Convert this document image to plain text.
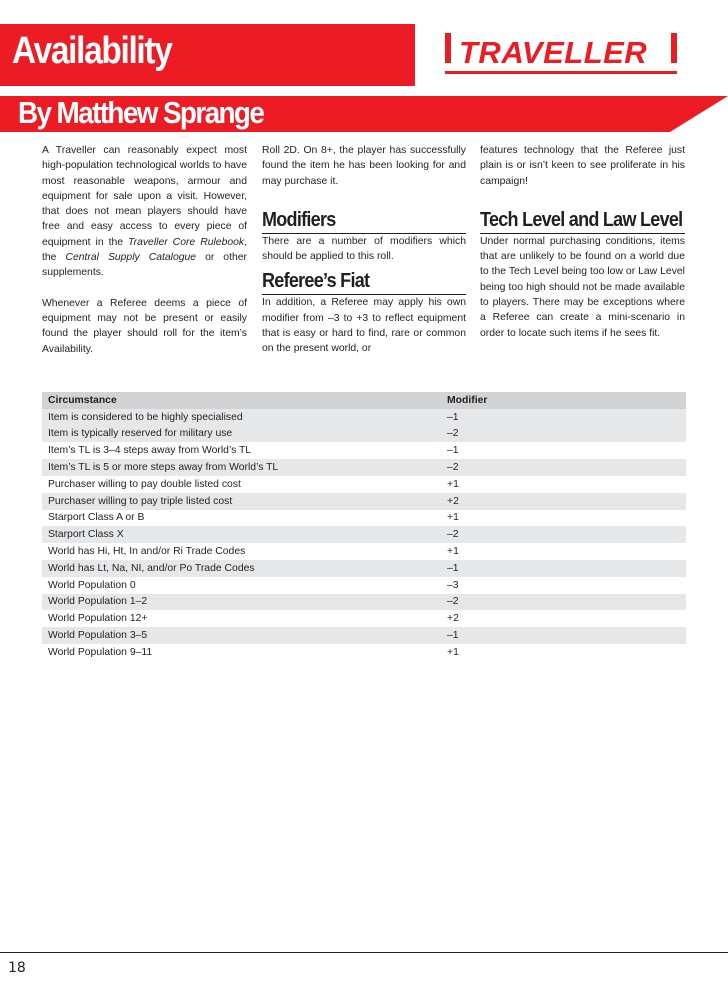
Availability	TRAVELLER
By Matthew Sprange

A Traveller can reasonably expect most high-population technological worlds to have most reasonable weapons, armour and equipment for sale upon a visit. However, that does not mean players should have free and easy access to every piece of equipment in the Traveller Core Rulebook, the Central Supply Catalogue or other supplements.

Whenever a Referee deems a piece of equipment may not be present or easily found the player should roll for the item’s Availability.

Roll 2D. On 8+, the player has successfully found the item he has been looking for and may purchase it.

Modifiers

There are a number of modifiers which should be applied to this roll.

Referee’s Fiat

In addition, a Referee may apply his own modifier from –3 to +3 to reflect equipment that is easy or hard to find, rare or common on the present world, or

features technology that the Referee just plain is or isn’t keen to see proliferate in his campaign!

Tech Level and Law Level

Under normal purchasing conditions, items that are unlikely to be found on a world due to the Tech Level being too low or Law Level being too high should not be made available to players. There may be exceptions where a Referee can create a mini-scenario in order to locate such items if he sees fit.

Circumstance	Modifier
Item is considered to be highly specialised	–1
Item is typically reserved for military use	–2
Item’s TL is 3–4 steps away from World’s TL	–1
Item’s TL is 5 or more steps away from World’s TL	–2
Purchaser willing to pay double listed cost	+1
Purchaser willing to pay triple listed cost	+2
Starport Class A or B	+1
Starport Class X	–2
World has Hi, Ht, In and/or Ri Trade Codes	+1
World has Lt, Na, NI, and/or Po Trade Codes	–1
World Population 0	–3
World Population 1–2	–2
World Population 12+	+2
World Population 3–5	–1
World Population 9–11	+1
18
